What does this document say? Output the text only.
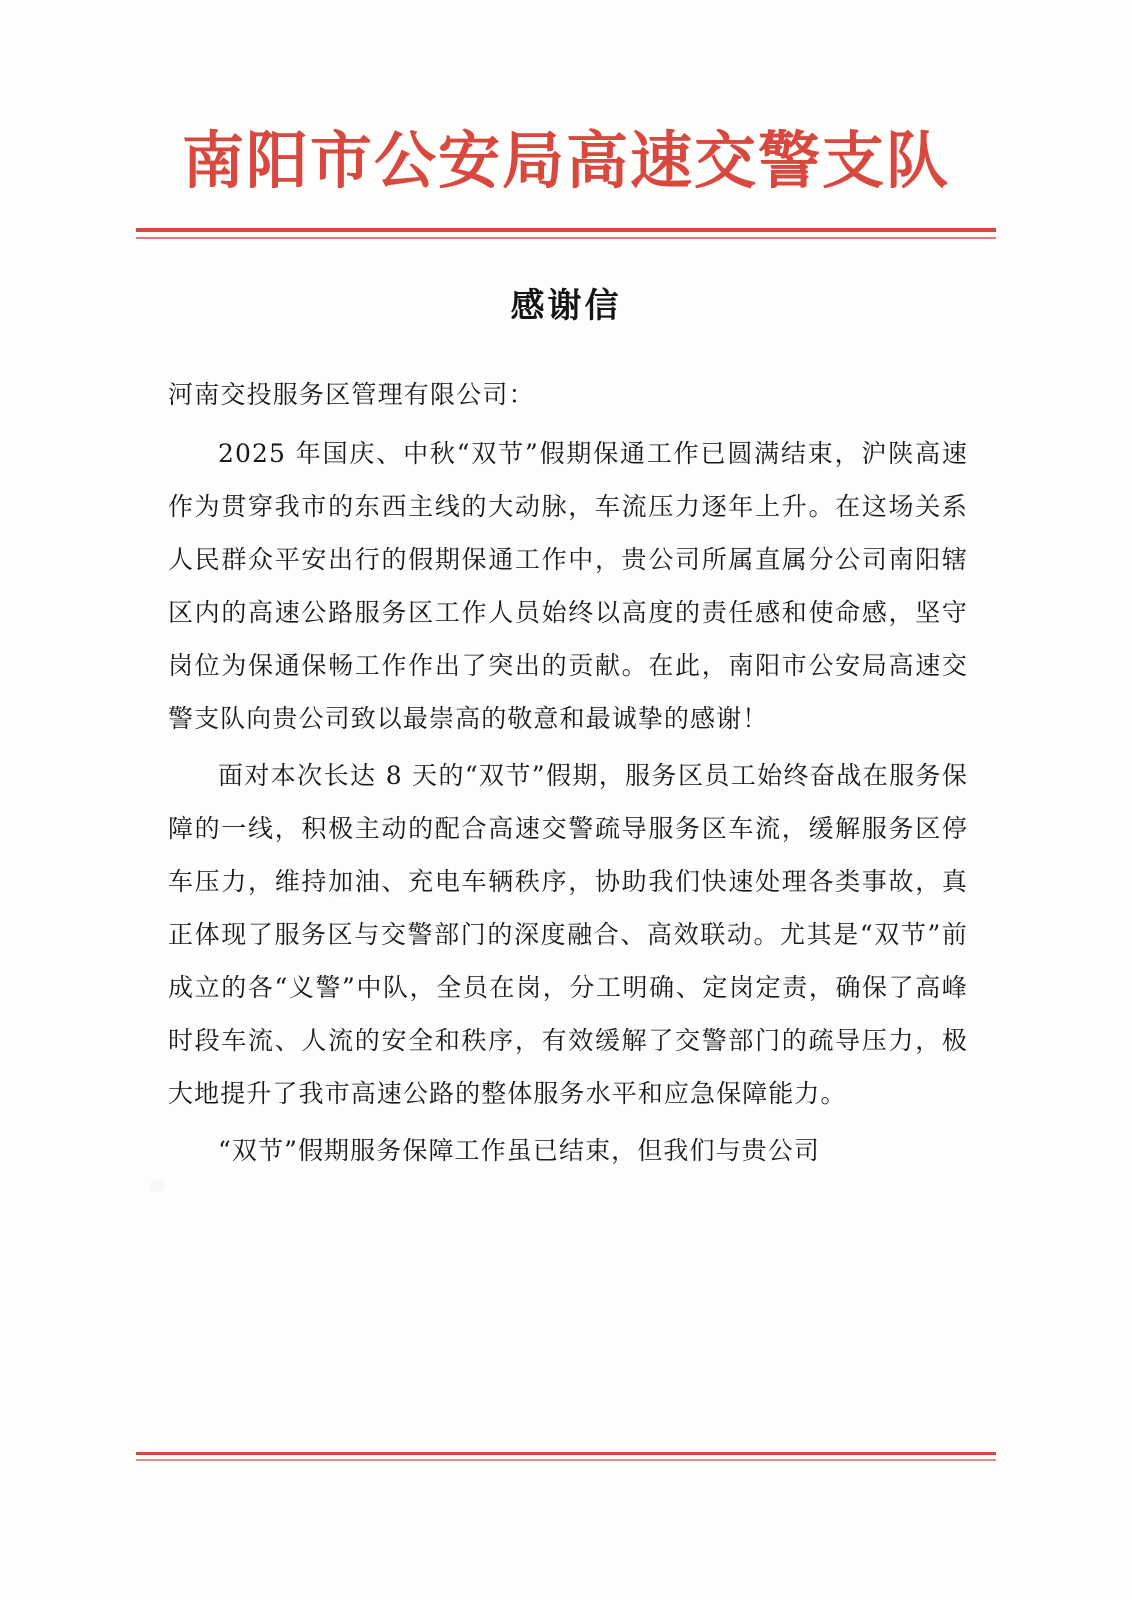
南阳市公安局高速交警支队
感谢信
河南交投服务区管理有限公司：

2025 年国庆、中秋“双节”假期保通工作已圆满结束，沪陕高速作为贯穿我市的东西主线的大动脉，车流压力逐年上升。在这场关系人民群众平安出行的假期保通工作中，贵公司所属直属分公司南阳辖区内的高速公路服务区工作人员始终以高度的责任感和使命感，坚守岗位为保通保畅工作作出了突出的贡献。在此，南阳市公安局高速交警支队向贵公司致以最崇高的敬意和最诚挚的感谢！

面对本次长达 8 天的“双节”假期，服务区员工始终奋战在服务保障的一线，积极主动的配合高速交警疏导服务区车流，缓解服务区停车压力，维持加油、充电车辆秩序，协助我们快速处理各类事故，真正体现了服务区与交警部门的深度融合、高效联动。尤其是“双节”前成立的各“义警”中队，全员在岗，分工明确、定岗定责，确保了高峰时段车流、人流的安全和秩序，有效缓解了交警部门的疏导压力，极大地提升了我市高速公路的整体服务水平和应急保障能力。

“双节”假期服务保障工作虽已结束，但我们与贵公司
